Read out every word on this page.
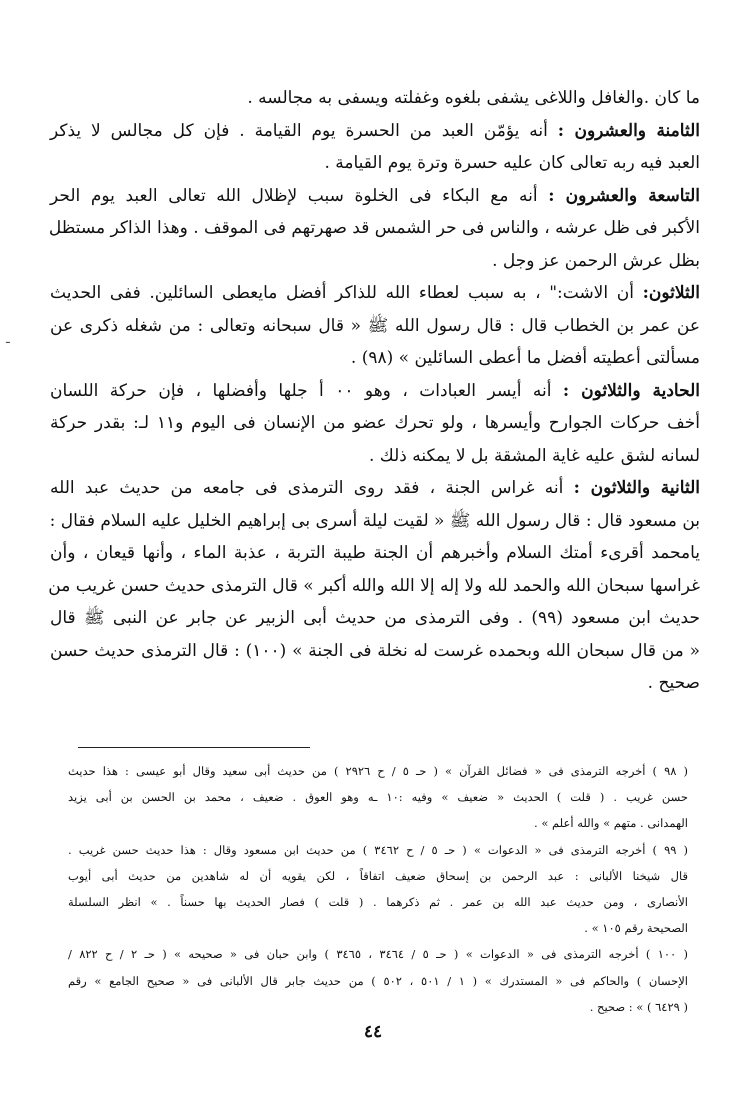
ما كان .والغافل واللاغى يشفى بلغوه وغفلته ويسفى به مجالسه .
الثامنة والعشرون : أنه يؤمّن العبد من الحسرة يوم القيامة . فإن كل مجالس لا يذكر
العبد فيه ربه تعالى كان عليه حسرة وترة يوم القيامة .
التاسعة والعشرون : أنه مع البكاء فى الخلوة سبب لإظلال الله تعالى العبد يوم الحر
الأكبر فى ظل عرشه ، والناس فى حر الشمس قد صهرتهم فى الموقف . وهذا الذاكر مستظل
بظل عرش الرحمن عز وجل .
الثلاثون: أن الاشت:" ، به سبب لعطاء الله للذاكر أفضل مايعطى السائلين. ففى الحديث
عن عمر بن الخطاب قال : قال رسول الله ﷺ « قال سبحانه وتعالى : من شغله ذكرى عن
مسألتى أعطيته أفضل ما أعطى السائلين » (٩٨) .
الحادية والثلاثون : أنه أيسر العبادات ، وهو ٠٠ أ جلها وأفضلها ، فإن حركة اللسان
أخف حركات الجوارح وأيسرها ، ولو تحرك عضو من الإنسان فى اليوم و١١ لـ: بقدر حركة
لسانه لشق عليه غاية المشقة بل لا يمكنه ذلك .
الثانية والثلاثون : أنه غراس الجنة ، فقد روى الترمذى فى جامعه من حديث عبد الله
بن مسعود قال : قال رسول الله ﷺ « لقيت ليلة أسرى بى إبراهيم الخليل عليه السلام فقال :
يامحمد أقرىء أمتك السلام وأخبرهم أن الجنة طيبة التربة ، عذبة الماء ، وأنها قيعان ، وأن
غراسها سبحان الله والحمد لله ولا إله إلا الله والله أكبر » قال الترمذى حديث حسن غريب من
حديث ابن مسعود (٩٩) . وفى الترمذى من حديث أبى الزبير عن جابر عن النبى ﷺ قال
« من قال سبحان الله وبحمده غرست له نخلة فى الجنة » (١٠٠) : قال الترمذى حديث حسن
صحيح .
ـ
( ٩٨ ) أخرجه الترمذى فى « فضائل القرآن » ( حـ ٥ / ح ٢٩٢٦ ) من حديث أبى سعيد وقال أبو عيسى : هذا حديث
حسن غريب . ( قلت ) الحديث « ضعيف » وفيه :١٠ ـه وهو العوق . ضعيف ، محمد بن الحسن بن أبى يزيد
الهمدانى . متهم » والله أعلم » .
( ٩٩ ) أخرجه الترمذى فى « الدعوات » ( حـ ٥ / ح ٣٤٦٢ ) من حديث ابن مسعود وقال : هذا حديث حسن غريب .
قال شيخنا الألبانى : عبد الرحمن بن إسحاق ضعيف اتفاقاً ، لكن يقويه أن له شاهدين من حديث أبى أيوب
الأنصارى ، ومن حديث عبد الله بن عمر . ثم ذكرهما . ( قلت ) فصار الحديث بها حسناً . » انظر السلسلة
الصحيحة رقم ١٠٥ » .
( ١٠٠ ) أخرجه الترمذى فى « الدعوات » ( حـ ٥ / ٣٤٦٤ ، ٣٤٦٥ ) وابن حبان فى « صحيحه » ( حـ ٢ / ح ٨٢٢ /
الإحسان ) والحاكم فى « المستدرك » ( ١ / ٥٠١ ، ٥٠٢ ) من حديث جابر قال الألبانى فى « صحيح الجامع » رقم
( ٦٤٢٩ ) » : صحيح .
٤٤
